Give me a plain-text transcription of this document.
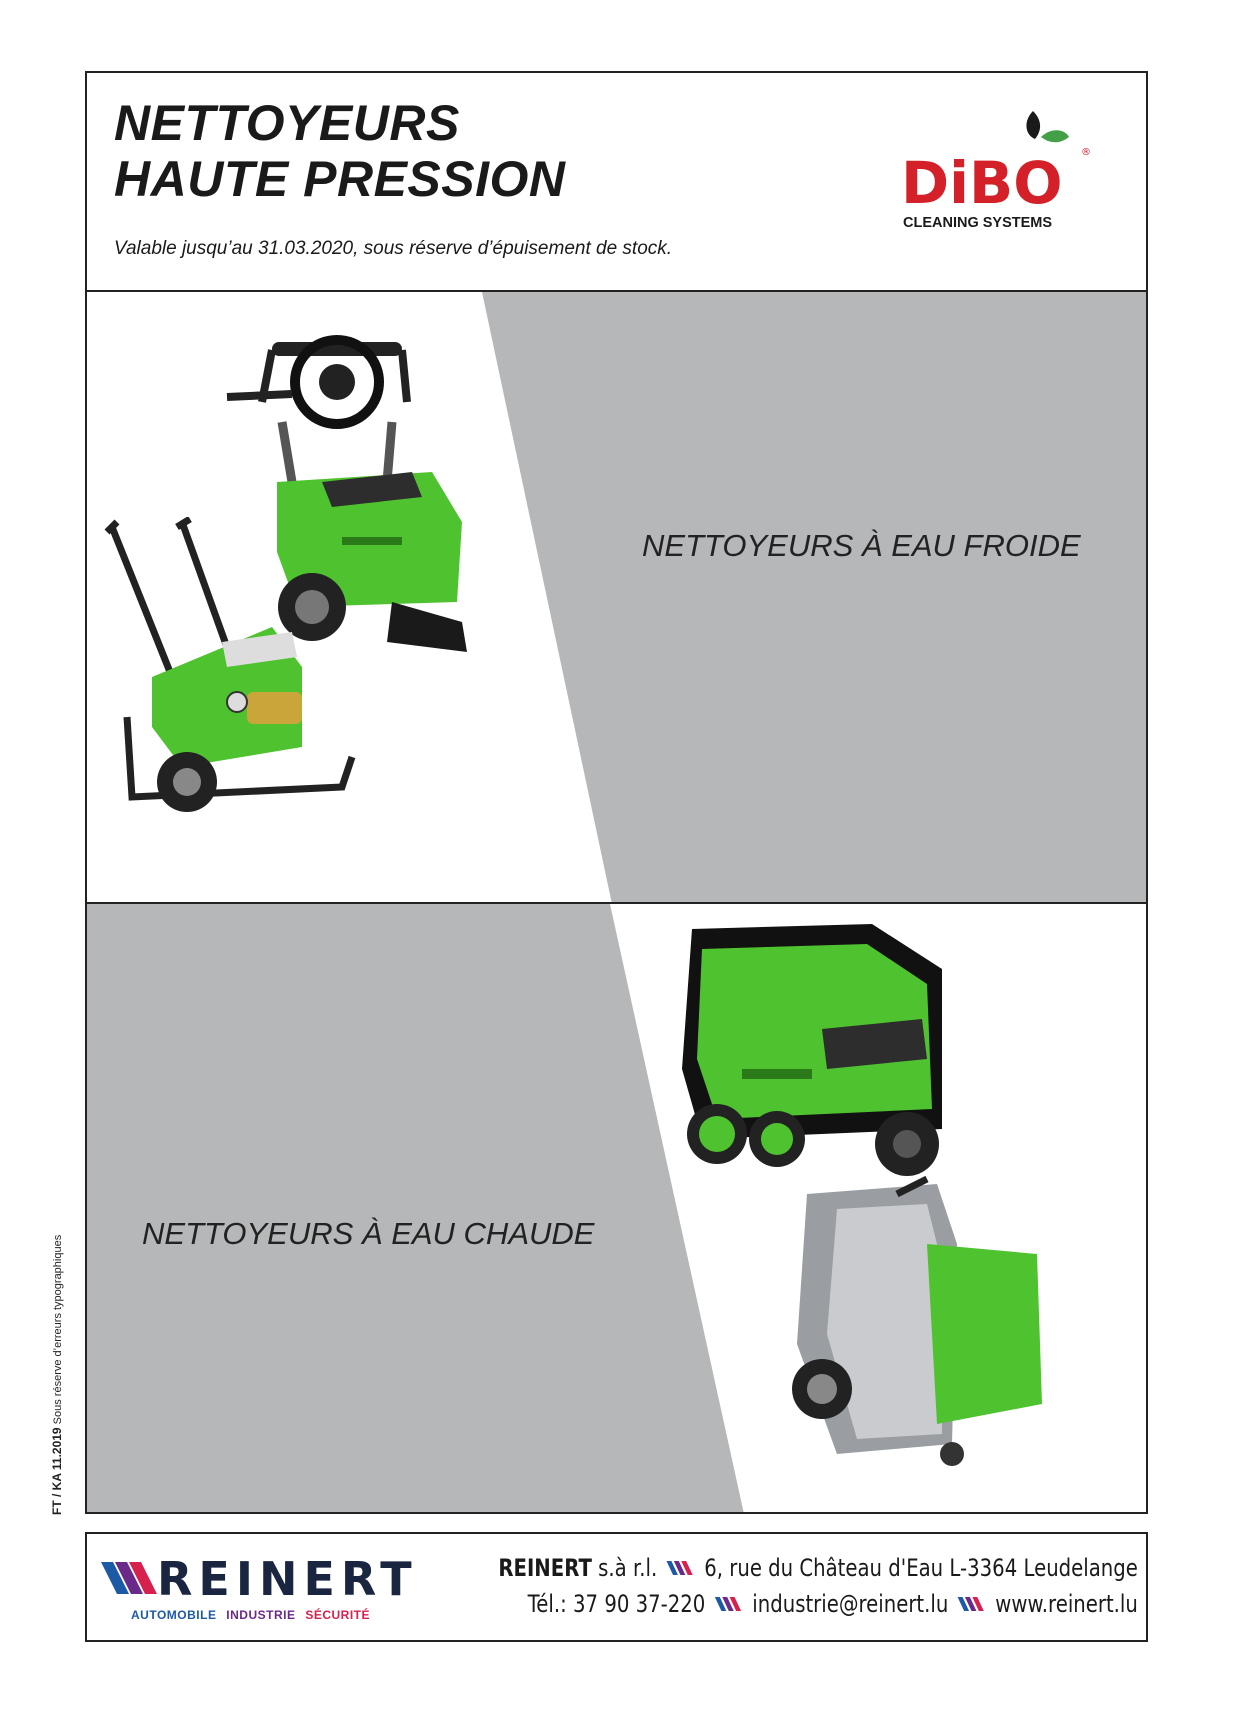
NETTOYEURS
HAUTE PRESSION
Valable jusqu’au 31.03.2020, sous réserve d’épuisement de stock.
DiBO ®
CLEANING SYSTEMS
NETTOYEURS À EAU FROIDE
NETTOYEURS À EAU CHAUDE
FT / KA 11.2019 Sous réserve d’erreurs typographiques
REINERT
AUTOMOBILE INDUSTRIE SÉCURITÉ
REINERT s.à r.l. 6, rue du Château d'Eau L-3364 Leudelange
Tél.: 37 90 37-220 industrie@reinert.lu www.reinert.lu
